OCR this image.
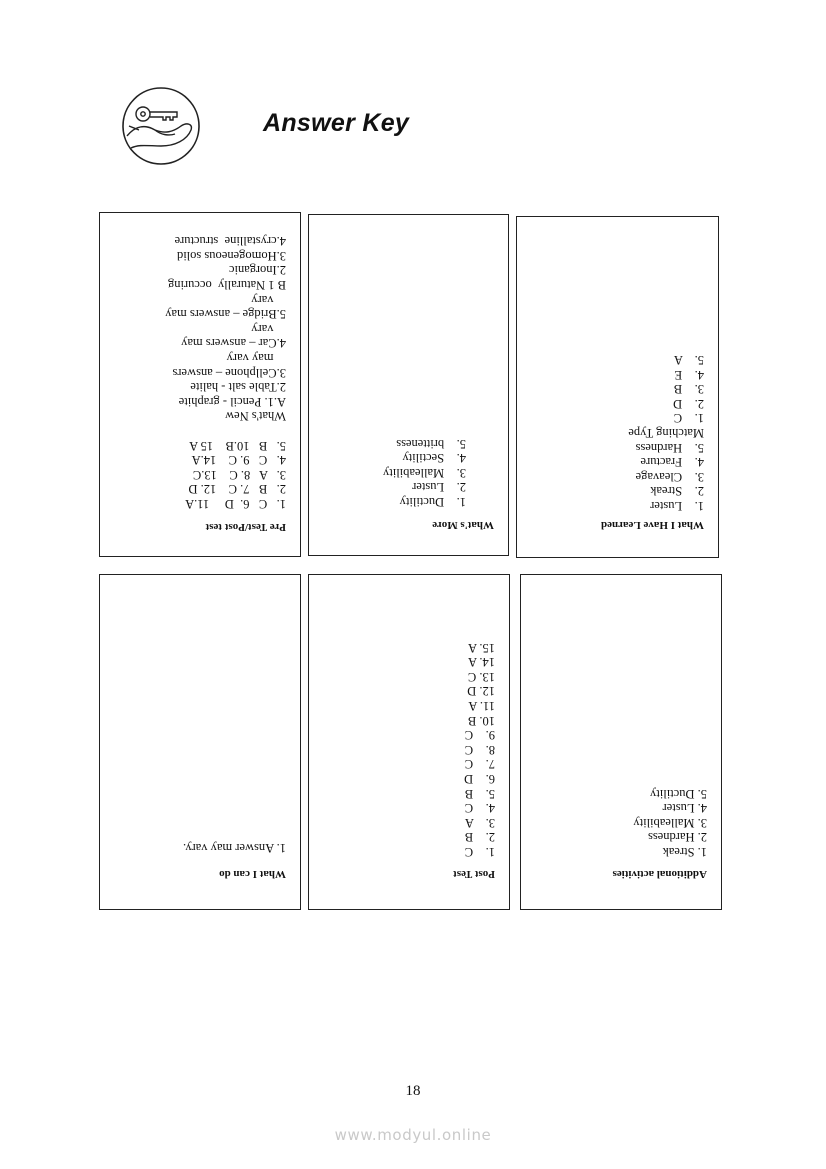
Answer Key
Pre Test/Post test
1.   C   6.  D     11.A
2.   B   7. C    12. D
3.   A   8. C    13.C
4.   C   9. C    14.A
5.   B   10.B    15 A

What's New
A.1. Pencil - graphite
2.Table salt - halite
3.Cellphone – answers
may vary
4.Car – answers may
vary
5.Bridge – answers may
vary
B 1 Naturally  occuring
2.Inorganic
3.Homogeneous solid
4.crystalline  structure
What's More
1.    Ductility
2.    Luster
3.    Malleability
4.    Sectility
5.    britteness
What I Have Learned
1.    Luster
2.    Streak
3.    Cleavage
4.    Fracture
5.    Hardness
Matching Type
1.    C
2.    D
3.    B
4.    E
5.    A
What I can do
1. Answer may vary.
Post Test
1.    C
2.    B
3.    A
4.    C
5.    B
6.    D
7.    C
8.    C
9.    C
10. B
11. A
12. D
13. C
14. A
15. A
Additional activities
1. Streak
2. Hardness
3. Malleability
4. Luster
5. Ductility
18
www.modyul.online
